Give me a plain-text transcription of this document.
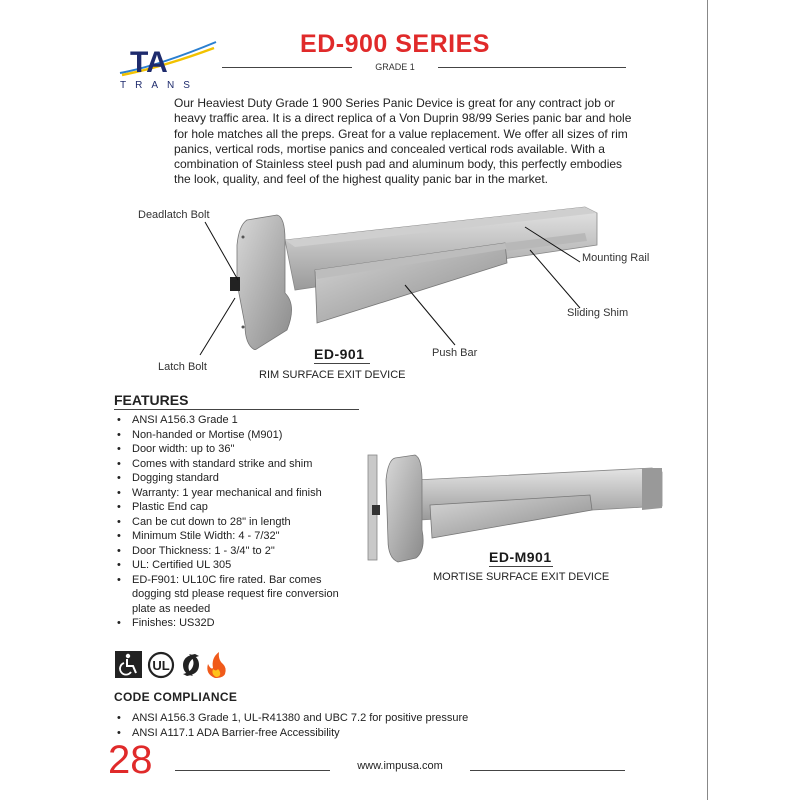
TA
TRANS
ED-900 SERIES
GRADE 1
Our Heaviest Duty Grade 1 900 Series Panic Device is great for any contract job or heavy traffic area. It is a direct replica of a Von Duprin 98/99 Series panic bar and hole for hole matches all the preps. Great for a value replacement. We offer all sizes of rim panics, vertical rods, mortise panics and concealed vertical rods available. With a combination of Stainless steel push pad and aluminum body, this perfectly embodies the look, quality, and feel of the highest quality panic bar in the market.
Deadlatch Bolt
Latch Bolt
Push Bar
Mounting Rail
Sliding Shim
ED-901
RIM SURFACE EXIT DEVICE
ED-M901
MORTISE SURFACE EXIT DEVICE
FEATURES
• ANSI A156.3 Grade 1
• Non-handed or Mortise (M901)
• Door width: up to 36"
• Comes with standard strike and shim
• Dogging standard
• Warranty: 1 year mechanical and finish
• Plastic End cap
• Can be cut down to 28" in length
• Minimum Stile Width: 4 - 7/32"
• Door Thickness: 1 - 3/4" to 2"
• UL: Certified UL 305
• ED-F901: UL10C fire rated. Bar comes dogging std please request fire conversion plate as needed
• Finishes: US32D
UL
CODE COMPLIANCE
• ANSI A156.3 Grade 1, UL-R41380 and UBC 7.2 for positive pressure
• ANSI A117.1 ADA Barrier-free Accessibility
28	www.impusa.com
